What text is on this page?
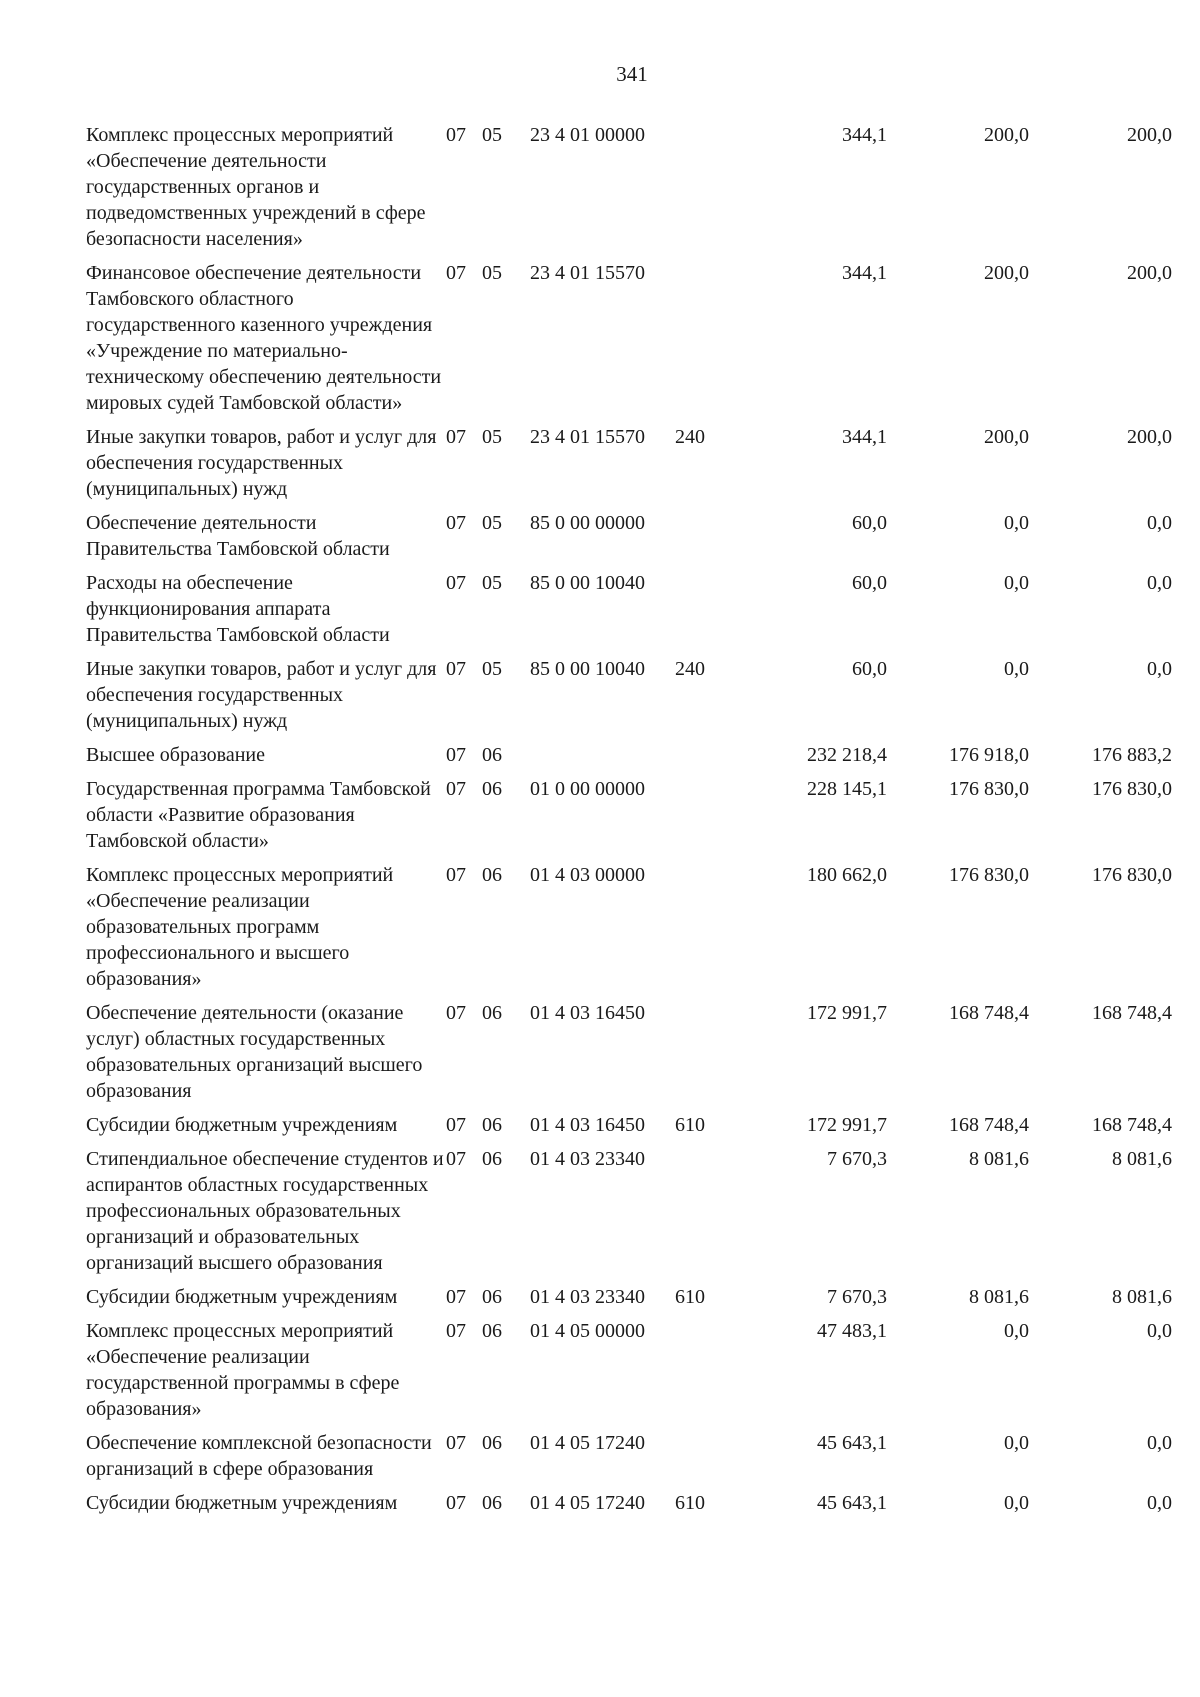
341
Комплекс процессных мероприятий «Обеспечение деятельности государственных органов и подведомственных учреждений в сфере безопасности населения»	07	05	23 4 01 00000		344,1	200,0	200,0
Финансовое обеспечение деятельности Тамбовского областного государственного казенного учреждения «Учреждение по материально-техническому обеспечению деятельности мировых судей Тамбовской области»	07	05	23 4 01 15570		344,1	200,0	200,0
Иные закупки товаров, работ и услуг для обеспечения государственных (муниципальных) нужд	07	05	23 4 01 15570	240	344,1	200,0	200,0
Обеспечение деятельности Правительства Тамбовской области	07	05	85 0 00 00000		60,0	0,0	0,0
Расходы на обеспечение функционирования аппарата Правительства Тамбовской области	07	05	85 0 00 10040		60,0	0,0	0,0
Иные закупки товаров, работ и услуг для обеспечения государственных (муниципальных) нужд	07	05	85 0 00 10040	240	60,0	0,0	0,0
Высшее образование	07	06			232 218,4	176 918,0	176 883,2
Государственная программа Тамбовской области «Развитие образования Тамбовской области»	07	06	01 0 00 00000		228 145,1	176 830,0	176 830,0
Комплекс процессных мероприятий «Обеспечение реализации образовательных программ профессионального и высшего образования»	07	06	01 4 03 00000		180 662,0	176 830,0	176 830,0
Обеспечение деятельности (оказание услуг) областных государственных образовательных организаций высшего образования	07	06	01 4 03 16450		172 991,7	168 748,4	168 748,4
Субсидии бюджетным учреждениям	07	06	01 4 03 16450	610	172 991,7	168 748,4	168 748,4
Стипендиальное обеспечение студентов и аспирантов областных государственных профессиональных образовательных организаций и образовательных организаций высшего образования	07	06	01 4 03 23340		7 670,3	8 081,6	8 081,6
Субсидии бюджетным учреждениям	07	06	01 4 03 23340	610	7 670,3	8 081,6	8 081,6
Комплекс процессных мероприятий «Обеспечение реализации государственной программы в сфере образования»	07	06	01 4 05 00000		47 483,1	0,0	0,0
Обеспечение комплексной безопасности организаций в сфере образования	07	06	01 4 05 17240		45 643,1	0,0	0,0
Субсидии бюджетным учреждениям	07	06	01 4 05 17240	610	45 643,1	0,0	0,0
